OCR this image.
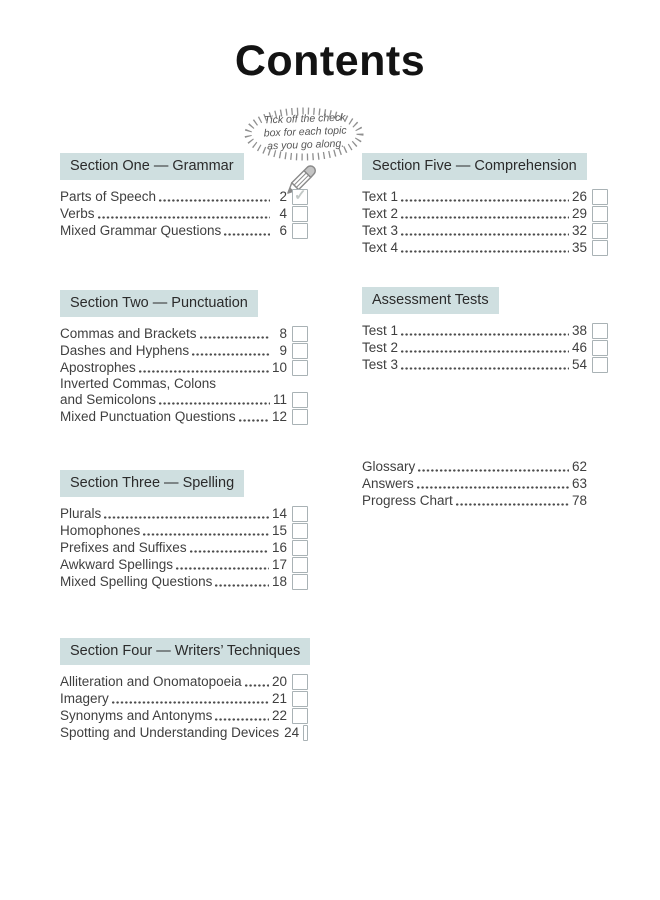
Contents
Tick off the check
box for each topic
as you go along.
Section One — Grammar
Parts of Speech	2 ✓
Verbs	4
Mixed Grammar Questions	6
Section Two — Punctuation
Commas and Brackets	8
Dashes and Hyphens	9
Apostrophes	10
Inverted Commas, Colons
and Semicolons	11
Mixed Punctuation Questions	12
Section Three — Spelling
Plurals	14
Homophones	15
Prefixes and Suffixes	16
Awkward Spellings	17
Mixed Spelling Questions	18
Section Four — Writers’ Techniques
Alliteration and Onomatopoeia 20
Imagery	21
Synonyms and Antonyms	22
Spotting and Understanding Devices 24
Section Five — Comprehension
Text 1	26
Text 2	29
Text 3	32
Text 4	35
Assessment Tests
Test 1	38
Test 2	46
Test 3	54
Glossary	62
Answers	63
Progress Chart	78
